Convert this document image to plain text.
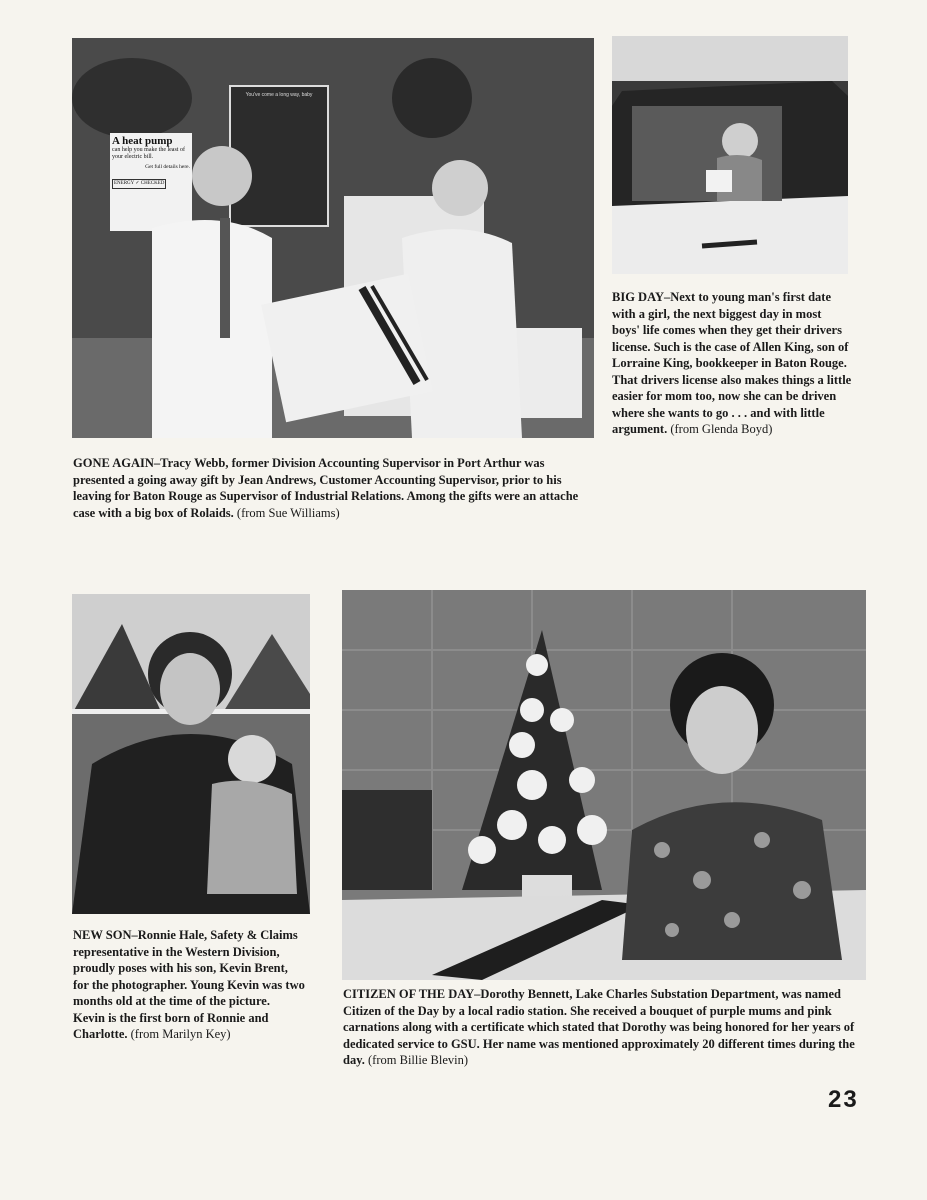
A heat pump
can help you make the least of your electric bill.
Get full details here.
ENERGY ✓ CHECKED
You've come a long way, baby
GONE AGAIN–Tracy Webb, former Division Accounting Supervisor in Port Arthur was presented a going away gift by Jean Andrews, Customer Accounting Supervisor, prior to his leaving for Baton Rouge as Supervisor of Industrial Relations. Among the gifts were an attache case with a big box of Rolaids. (from Sue Williams)
BIG DAY–Next to young man's first date with a girl, the next biggest day in most boys' life comes when they get their drivers license. Such is the case of Allen King, son of Lorraine King, bookkeeper in Baton Rouge. That drivers license also makes things a little easier for mom too, now she can be driven where she wants to go . . . and with little argument. (from Glenda Boyd)
NEW SON–Ronnie Hale, Safety & Claims representative in the Western Division, proudly poses with his son, Kevin Brent, for the photographer. Young Kevin was two months old at the time of the picture. Kevin is the first born of Ronnie and Charlotte. (from Marilyn Key)
CITIZEN OF THE DAY–Dorothy Bennett, Lake Charles Substation Department, was named Citizen of the Day by a local radio station. She received a bouquet of purple mums and pink carnations along with a certificate which stated that Dorothy was being honored for her years of dedicated service to GSU. Her name was mentioned approximately 20 different times during the day. (from Billie Blevin)
23
